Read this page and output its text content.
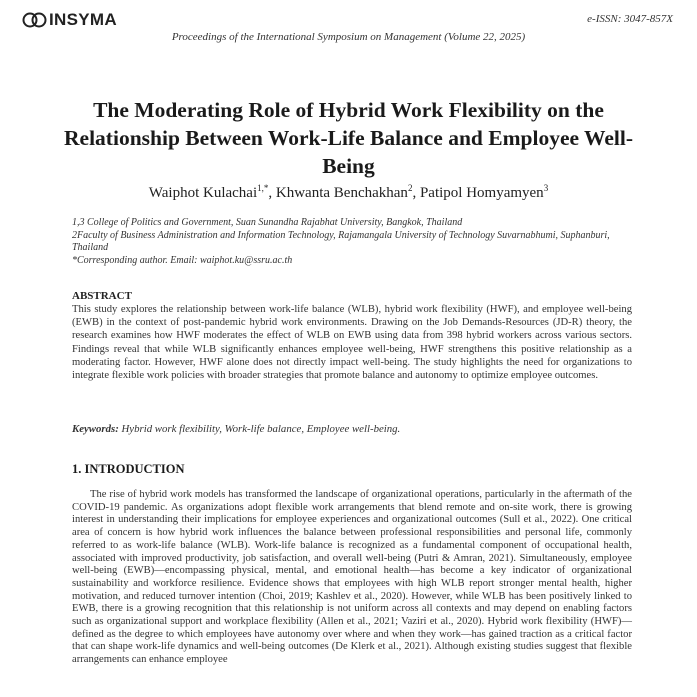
INSYMA	e-ISSN: 3047-857X
Proceedings of the International Symposium on Management (Volume 22, 2025)
The Moderating Role of Hybrid Work Flexibility on the Relationship Between Work-Life Balance and Employee Well-Being
Waiphot Kulachai$^{1,*}$, Khwanta Benchakhan$^2$, Patipol Homyamyen$^3$

1,3 College of Politics and Government, Suan Sunandha Rajabhat University, Bangkok, Thailand

2Faculty of Business Administration and Information Technology, Rajamangala University of Technology Suvarnabhumi, Suphanburi, Thailand

*Corresponding author. Email: waiphot.ku@ssru.ac.th

ABSTRACT
This study explores the relationship between work-life balance (WLB), hybrid work flexibility (HWF), and employee well-being (EWB) in the context of post-pandemic hybrid work environments. Drawing on the Job Demands-Resources (JD-R) theory, the research examines how HWF moderates the effect of WLB on EWB using data from 398 hybrid workers across various sectors. Findings reveal that while WLB significantly enhances employee well-being, HWF strengthens this positive relationship as a moderating factor. However, HWF alone does not directly impact well-being. The study highlights the need for organizations to integrate flexible work policies with broader strategies that promote balance and autonomy to optimize employee outcomes.
Keywords: Hybrid work flexibility, Work-life balance, Employee well-being.
1. INTRODUCTION
The rise of hybrid work models has transformed the landscape of organizational operations, particularly in the aftermath of the COVID-19 pandemic. As organizations adopt flexible work arrangements that blend remote and on-site work, there is growing interest in understanding their implications for employee experiences and organizational outcomes (Sull et al., 2022). One critical area of concern is how hybrid work influences the balance between professional responsibilities and personal life, commonly referred to as work-life balance (WLB). Work-life balance is recognized as a fundamental component of occupational health, associated with improved productivity, job satisfaction, and overall well-being (Putri & Amran, 2021). Simultaneously, employee well-being (EWB)—encompassing physical, mental, and emotional health—has become a key indicator of organizational sustainability and workforce resilience. Evidence shows that employees with high WLB report stronger mental health, higher motivation, and reduced turnover intention (Choi, 2019; Kashlev et al., 2020). However, while WLB has been positively linked to EWB, there is a growing recognition that this relationship is not uniform across all contexts and may depend on enabling factors such as organizational support and workplace flexibility (Allen et al., 2021; Vaziri et al., 2020). Hybrid work flexibility (HWF)—defined as the degree to which employees have autonomy over where and when they work—has gained traction as a critical factor that can shape work-life dynamics and well-being outcomes (De Klerk et al., 2021). Although existing studies suggest that flexible arrangements can enhance employee
